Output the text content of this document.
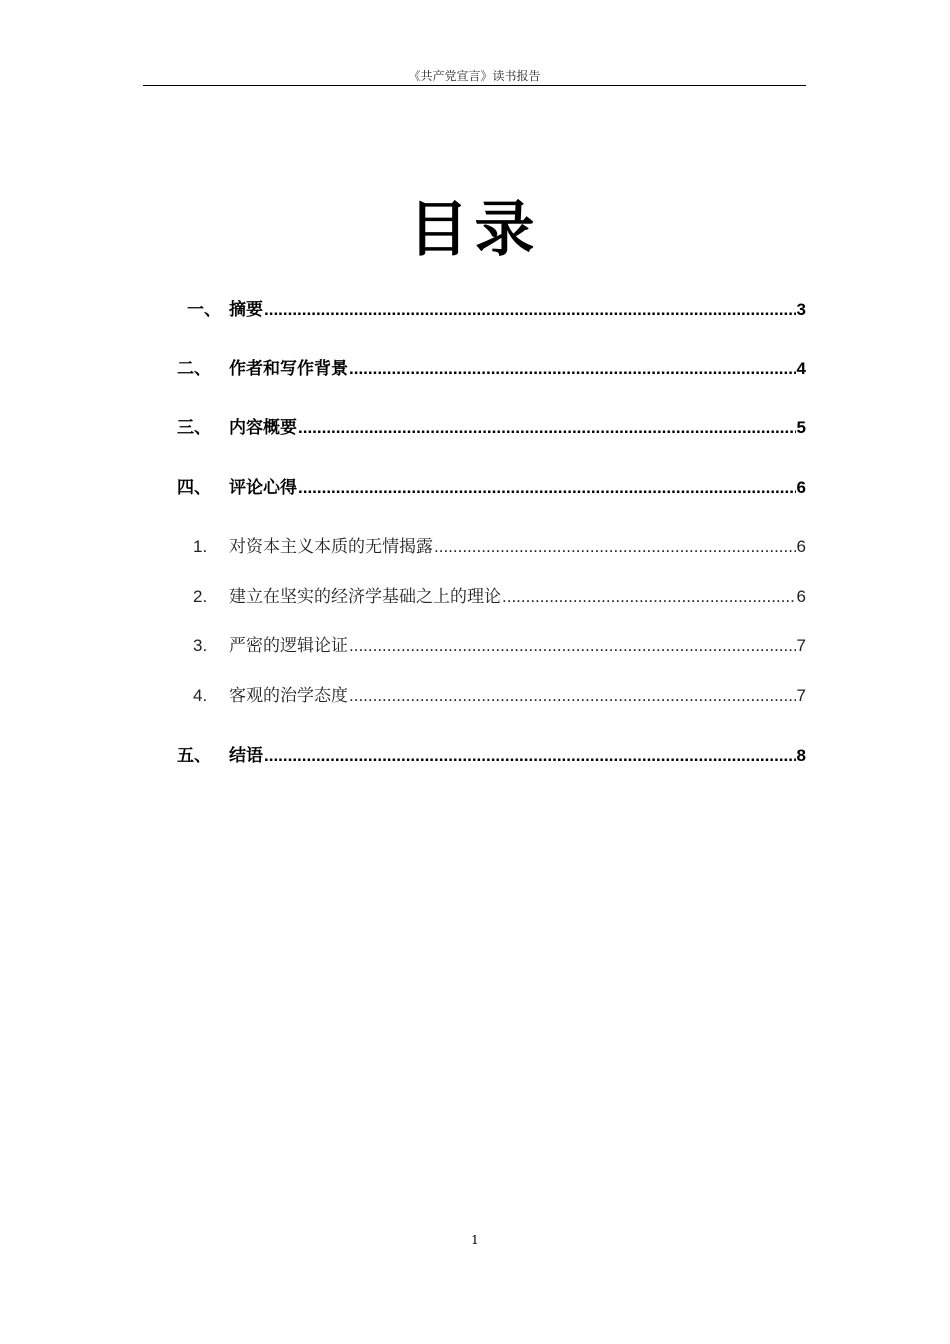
《共产党宣言》读书报告
目录
一、 摘要 .....	3
二、	作者和写作背景 .....	4
三、	内容概要 .....	5
四、	评论心得 .....	6
1.	对资本主义本质的无情揭露 .....	6
2.	建立在坚实的经济学基础之上的理论 .....	6
3.	严密的逻辑论证 .....	7
4.	客观的治学态度 .....	7
五、	结语 .....	8
1
